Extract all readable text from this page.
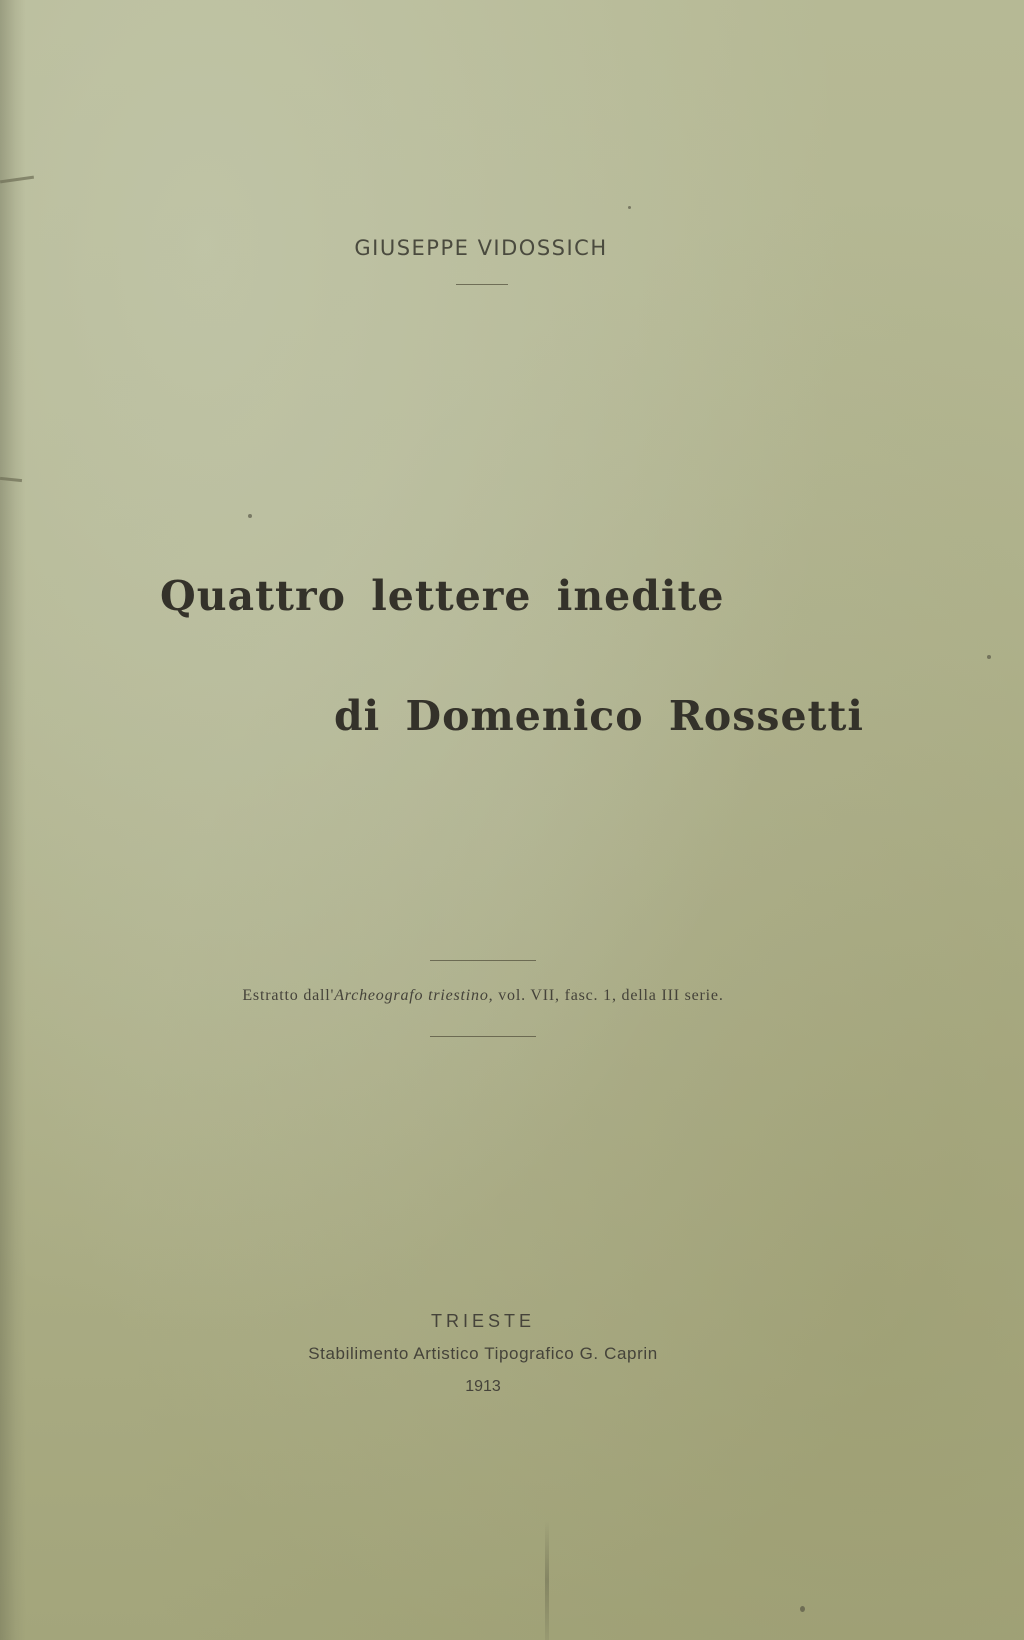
GIUSEPPE VIDOSSICH
Quattro lettere inedite
di Domenico Rossetti
Estratto dall'Archeografo triestino, vol. VII, fasc. 1, della III serie.
TRIESTE
Stabilimento Artistico Tipografico G. Caprin
1913
